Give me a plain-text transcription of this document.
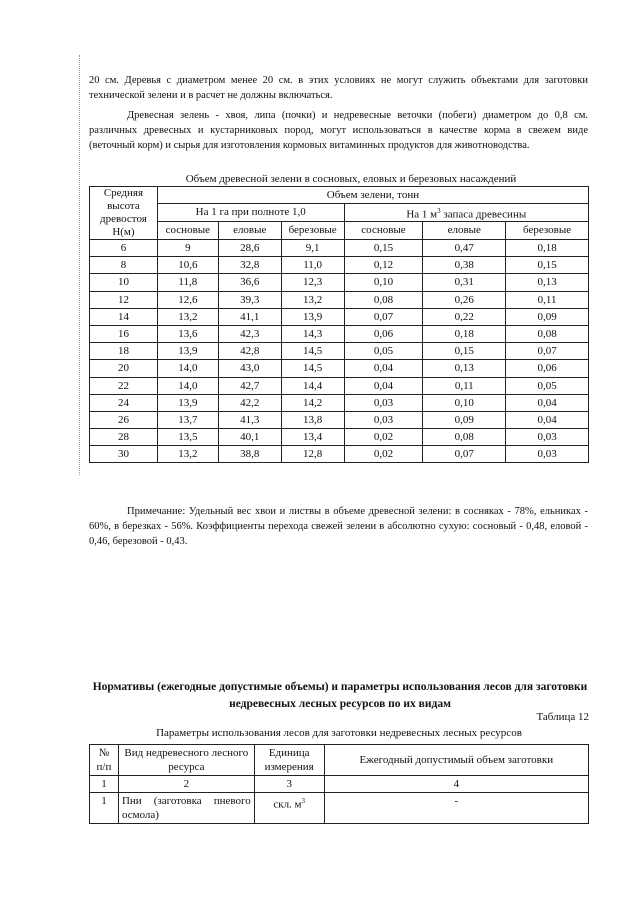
20 см. Деревья с диаметром менее 20 см. в этих условиях не могут служить объектами для заготовки технической зелени и в расчет не должны включаться.

Древесная зелень - хвоя, липа (почки) и недревесные веточки (побеги) диаметром до 0,8 см. различных древесных и кустарниковых пород, могут использоваться в качестве корма в свежем виде (веточный корм) и сырья для изготовления кормовых витаминных продуктов для животноводства.

Объем древесной зелени в сосновых, еловых и березовых насаждений
Средняя высота древостоя Н(м)	Объем зелени, тонн					
	На 1 га при полноте 1,0			На 1 $м^3$ запаса древесины		
	сосновые	еловые	березовые	сосновые	еловые	березовые
6	9	28,6	9,1	0,15	0,47	0,18
8	10,6	32,8	11,0	0,12	0,38	0,15
10	11,8	36,6	12,3	0,10	0,31	0,13
12	12,6	39,3	13,2	0,08	0,26	0,11
14	13,2	41,1	13,9	0,07	0,22	0,09
16	13,6	42,3	14,3	0,06	0,18	0,08
18	13,9	42,8	14,5	0,05	0,15	0,07
20	14,0	43,0	14,5	0,04	0,13	0,06
22	14,0	42,7	14,4	0,04	0,11	0,05
24	13,9	42,2	14,2	0,03	0,10	0,04
26	13,7	41,3	13,8	0,03	0,09	0,04
28	13,5	40,1	13,4	0,02	0,08	0,03
30	13,2	38,8	12,8	0,02	0,07	0,03

Примечание: Удельный вес хвои и листвы в объеме древесной зелени: в сосняках - 78%, ельниках - 60%, в березках - 56%. Коэффициенты перехода свежей зелени в абсолютно сухую: сосновый - 0,48, еловой - 0,46, березовой - 0,43.

Нормативы (ежегодные допустимые объемы) и параметры использования лесов для заготовки недревесных лесных ресурсов по их видам
Таблица 12
Параметры использования лесов для заготовки недревесных лесных ресурсов
№ п/п	Вид недревесного лесного ресурса	Единица измерения	Ежегодный допустимый объем заготовки
1	2	3	4
1	Пни (заготовка пневого осмола)	скл. $м^3$	-
